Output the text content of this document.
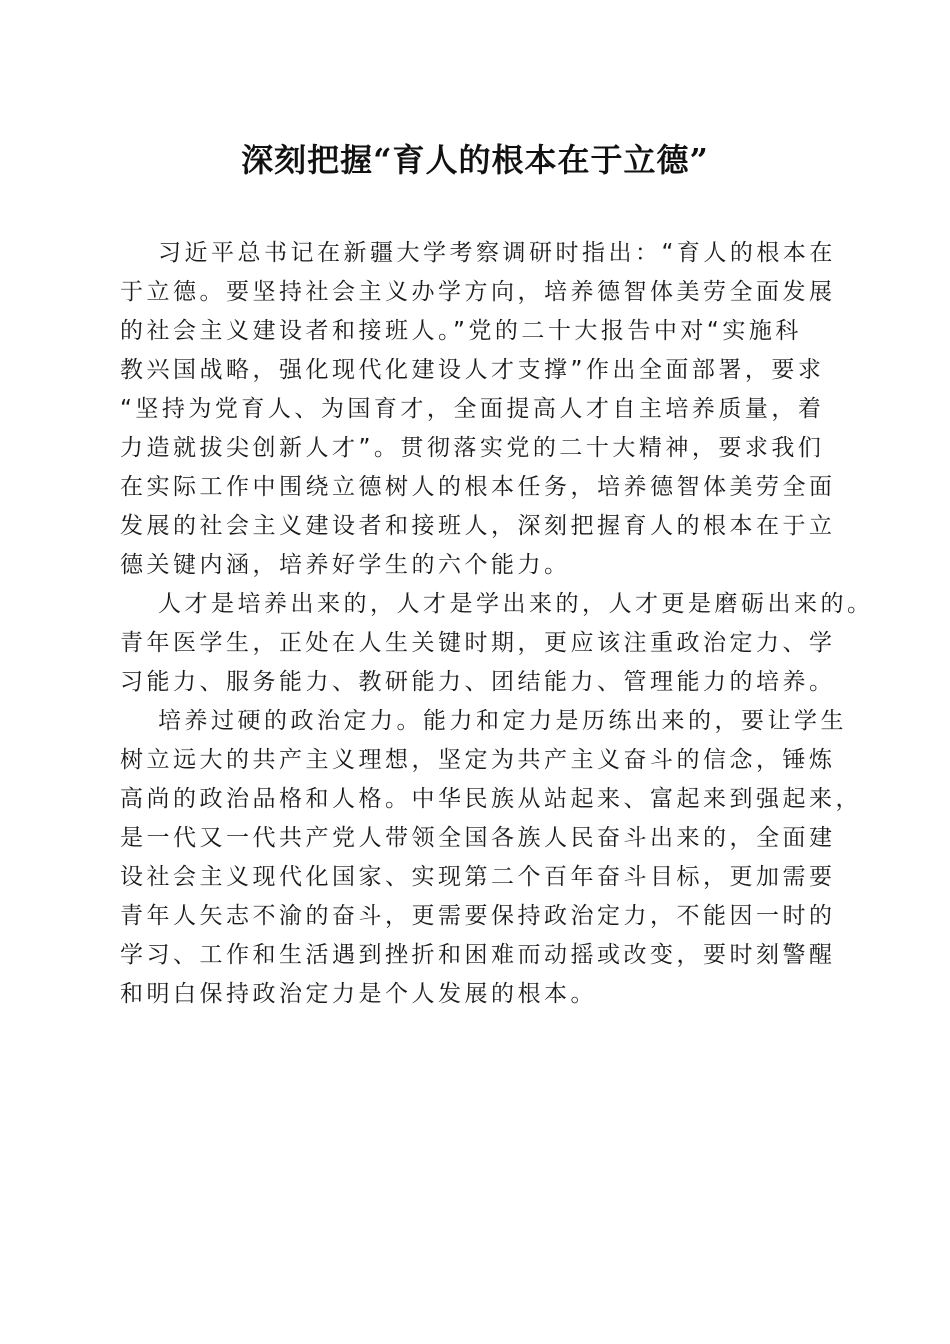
深刻把握“育人的根本在于立德”
习近平总书记在新疆大学考察调研时指出：“育人的根本在
于立德。要坚持社会主义办学方向，培养德智体美劳全面发展
的社会主义建设者和接班人。”党的二十大报告中对“实施科
教兴国战略，强化现代化建设人才支撑”作出全面部署，要求
“坚持为党育人、为国育才，全面提高人才自主培养质量，着
力造就拔尖创新人才”。贯彻落实党的二十大精神，要求我们
在实际工作中围绕立德树人的根本任务，培养德智体美劳全面
发展的社会主义建设者和接班人，深刻把握育人的根本在于立
德关键内涵，培养好学生的六个能力。
人才是培养出来的，人才是学出来的，人才更是磨砺出来的。
青年医学生，正处在人生关键时期，更应该注重政治定力、学
习能力、服务能力、教研能力、团结能力、管理能力的培养。
培养过硬的政治定力。能力和定力是历练出来的，要让学生
树立远大的共产主义理想，坚定为共产主义奋斗的信念，锤炼
高尚的政治品格和人格。中华民族从站起来、富起来到强起来，
是一代又一代共产党人带领全国各族人民奋斗出来的，全面建
设社会主义现代化国家、实现第二个百年奋斗目标，更加需要
青年人矢志不渝的奋斗，更需要保持政治定力，不能因一时的
学习、工作和生活遇到挫折和困难而动摇或改变，要时刻警醒
和明白保持政治定力是个人发展的根本。
